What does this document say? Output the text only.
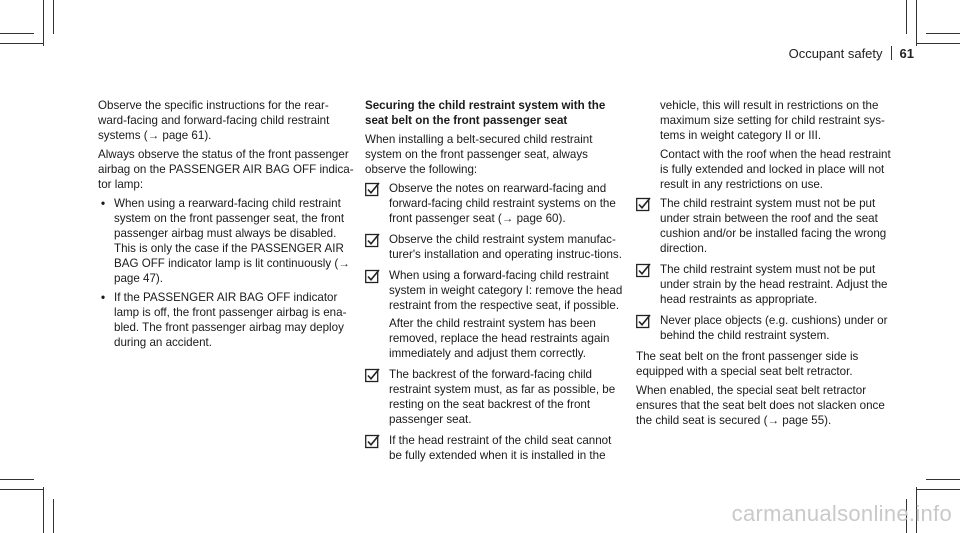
Occupant safety 61

Observe the specific instructions for the rear-ward-facing and forward-facing child restraint systems (→ page 61).

Always observe the status of the front passenger airbag on the PASSENGER AIR BAG OFF indica-tor lamp:

• When using a rearward-facing child restraint system on the front passenger seat, the front passenger airbag must always be disabled. This is only the case if the PASSENGER AIR BAG OFF indicator lamp is lit continuously (→ page 47).
• If the PASSENGER AIR BAG OFF indicator lamp is off, the front passenger airbag is ena-bled. The front passenger airbag may deploy during an accident.

Securing the child restraint system with the seat belt on the front passenger seat

When installing a belt-secured child restraint system on the front passenger seat, always observe the following:

Observe the notes on rearward-facing and forward-facing child restraint systems on the front passenger seat (→ page 60).

Observe the child restraint system manufac-turer's installation and operating instruc-tions.

When using a forward-facing child restraint system in weight category I: remove the head restraint from the respective seat, if possible.

After the child restraint system has been removed, replace the head restraints again immediately and adjust them correctly.

The backrest of the forward-facing child restraint system must, as far as possible, be resting on the seat backrest of the front passenger seat.

If the head restraint of the child seat cannot be fully extended when it is installed in the

vehicle, this will result in restrictions on the maximum size setting for child restraint sys-tems in weight category II or III.

Contact with the roof when the head restraint is fully extended and locked in place will not result in any restrictions on use.

The child restraint system must not be put under strain between the roof and the seat cushion and/or be installed facing the wrong direction.

The child restraint system must not be put under strain by the head restraint. Adjust the head restraints as appropriate.

Never place objects (e.g. cushions) under or behind the child restraint system.

The seat belt on the front passenger side is equipped with a special seat belt retractor.

When enabled, the special seat belt retractor ensures that the seat belt does not slacken once the child seat is secured (→ page 55).

carmanualsonline.info
